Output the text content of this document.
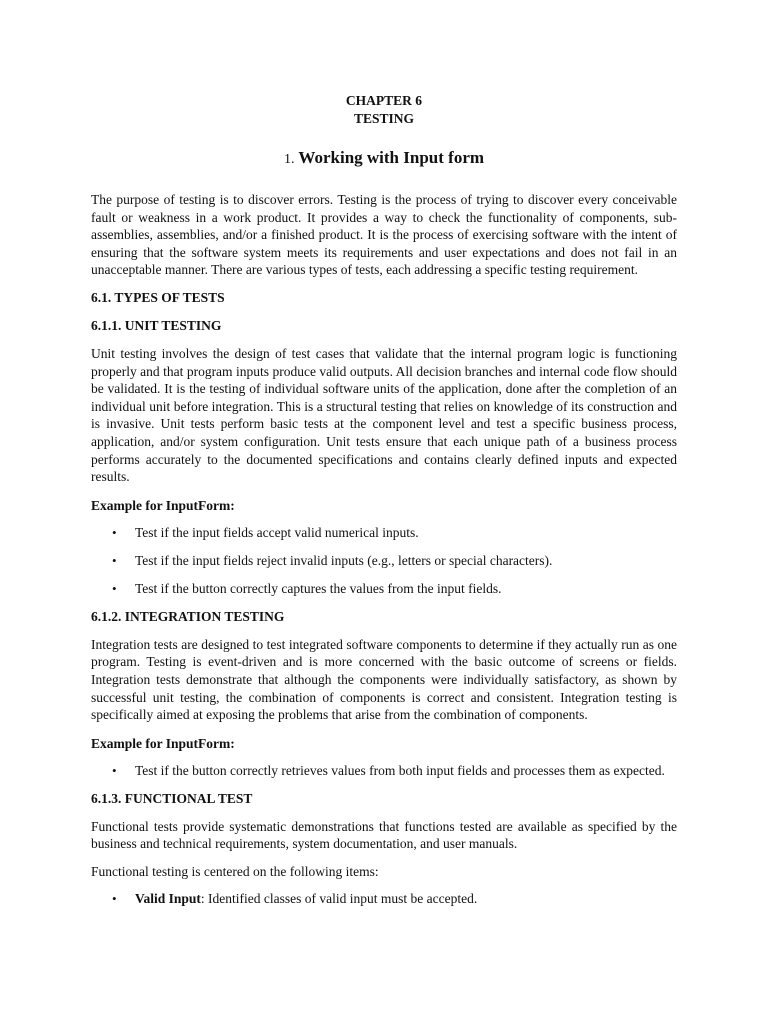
CHAPTER 6
TESTING
1. Working with Input form

The purpose of testing is to discover errors. Testing is the process of trying to discover every conceivable fault or weakness in a work product. It provides a way to check the functionality of components, sub-assemblies, assemblies, and/or a finished product. It is the process of exercising software with the intent of ensuring that the software system meets its requirements and user expectations and does not fail in an unacceptable manner. There are various types of tests, each addressing a specific testing requirement.

6.1. TYPES OF TESTS
6.1.1. UNIT TESTING

Unit testing involves the design of test cases that validate that the internal program logic is functioning properly and that program inputs produce valid outputs. All decision branches and internal code flow should be validated. It is the testing of individual software units of the application, done after the completion of an individual unit before integration. This is a structural testing that relies on knowledge of its construction and is invasive. Unit tests perform basic tests at the component level and test a specific business process, application, and/or system configuration. Unit tests ensure that each unique path of a business process performs accurately to the documented specifications and contains clearly defined inputs and expected results.

Example for InputForm:
• Test if the input fields accept valid numerical inputs.
• Test if the input fields reject invalid inputs (e.g., letters or special characters).
• Test if the button correctly captures the values from the input fields.
6.1.2. INTEGRATION TESTING

Integration tests are designed to test integrated software components to determine if they actually run as one program. Testing is event-driven and is more concerned with the basic outcome of screens or fields. Integration tests demonstrate that although the components were individually satisfactory, as shown by successful unit testing, the combination of components is correct and consistent. Integration testing is specifically aimed at exposing the problems that arise from the combination of components.

Example for InputForm:
• Test if the button correctly retrieves values from both input fields and processes them as expected.
6.1.3. FUNCTIONAL TEST

Functional tests provide systematic demonstrations that functions tested are available as specified by the business and technical requirements, system documentation, and user manuals.

Functional testing is centered on the following items:

• Valid Input: Identified classes of valid input must be accepted.
